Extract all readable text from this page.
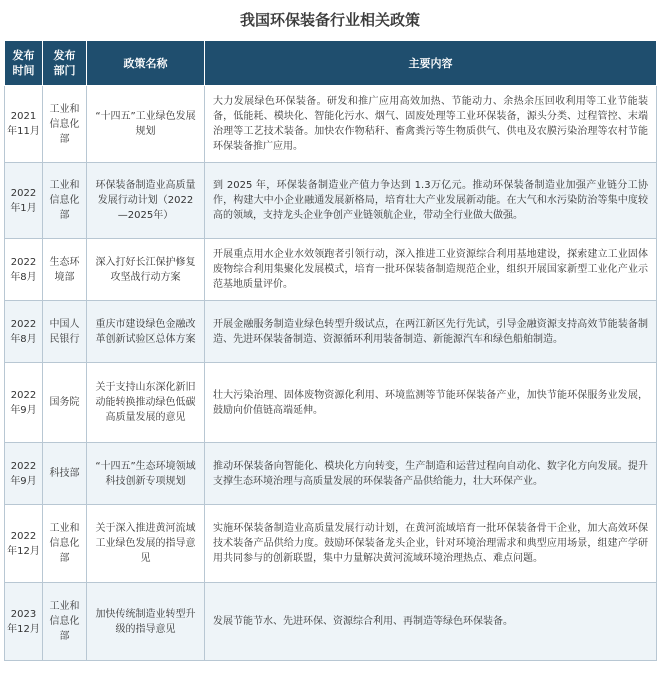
我国环保装备行业相关政策
发布
时间	发布
部门	政策名称	主要内容
2021年11月	工业和信息化部	“十四五”工业绿色发展规划	大力发展绿色环保装备。研发和推广应用高效加热、节能动力、余热余压回收利用等工业节能装备，低能耗、模块化、智能化污水、烟气、固废处理等工业环保装备，源头分类、过程管控、末端治理等工艺技术装备。加快农作物秸秆、畜禽粪污等生物质供气、供电及农膜污染治理等农村节能环保装备推广应用。
2022年1月	工业和信息化部	环保装备制造业高质量发展行动计划（2022—2025年）	到 2025 年，环保装备制造业产值力争达到 1.3万亿元。推动环保装备制造业加强产业链分工协作，构建大中小企业融通发展新格局，培育壮大产业发展新动能。在大气和水污染防治等集中度较高的领域，支持龙头企业争创产业链领航企业，带动全行业做大做强。
2022年8月	生态环境部	深入打好长江保护修复攻坚战行动方案	开展重点用水企业水效领跑者引领行动，深入推进工业资源综合利用基地建设，探索建立工业固体废物综合利用集聚化发展模式，培育一批环保装备制造规范企业，组织开展国家新型工业化产业示范基地质量评价。
2022年8月	中国人民银行	重庆市建设绿色金融改革创新试验区总体方案	开展金融服务制造业绿色转型升级试点，在两江新区先行先试，引导金融资源支持高效节能装备制造、先进环保装备制造、资源循环利用装备制造、新能源汽车和绿色船舶制造。
2022年9月	国务院	关于支持山东深化新旧动能转换推动绿色低碳高质量发展的意见	壮大污染治理、固体废物资源化利用、环境监测等节能环保装备产业，加快节能环保服务业发展，鼓励向价值链高端延伸。
2022年9月	科技部	“十四五”生态环境领域科技创新专项规划	推动环保装备向智能化、模块化方向转变，生产制造和运营过程向自动化、数字化方向发展。提升支撑生态环境治理与高质量发展的环保装备产品供给能力，壮大环保产业。
2022年12月	工业和信息化部	关于深入推进黄河流域工业绿色发展的指导意见	实施环保装备制造业高质量发展行动计划，在黄河流域培育一批环保装备骨干企业，加大高效环保技术装备产品供给力度。鼓励环保装备龙头企业，针对环境治理需求和典型应用场景，组建产学研用共同参与的创新联盟，集中力量解决黄河流域环境治理热点、难点问题。
2023年12月	工业和信息化部	加快传统制造业转型升级的指导意见	发展节能节水、先进环保、资源综合利用、再制造等绿色环保装备。
